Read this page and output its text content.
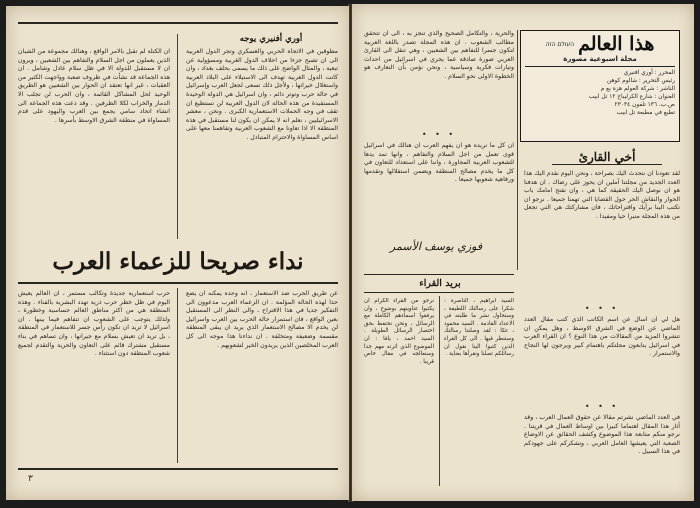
أوري أفنيري يوجه
ان الكتلة لم تقبل بالامر الواقع ، وهنالك مجموعة من الشبان الذين يعملون من اجل السلام والتفاهم بين الشعبين ، ويرون ان لا مستقبل للدولة الا في ظل سلام عادل وشامل . ان هذه الجماعة قد نشأت في ظروف صعبة وواجهت الكثير من العقبات ، غير انها تعتقد ان الحوار بين الشعبين هو الطريق الوحيد لحل المشاكل القائمة ، وان الحرب لن تجلب الا الدمار والخراب لكلا الطرفين . وقد دعت هذه الجماعة الى انشاء اتحاد سامي يجمع بين العرب واليهود على قدم المساواة في منطقة الشرق الاوسط بأسرها .
مطوقين في الاتجاه الحربي والعسكري وتجر الدول العربية الى ان تصبح جزءا من احلاف الدول الغربية ومسؤولية عن تبعية ، والمثال الواضح على ذلك ما يسمى بحلف بغداد ، وان كانت الدول الغربية تهدف الى الاستيلاء على البلاد العربية واستغلال خيراتها ، ولأجل ذلك تسعى لجعل العرب وإسرائيل في حالة حرب وتوتر دائم ، وان اسرائيل هي الدولة الوحيدة المستفيدة من هذه الحالة لان الدول العربية لن تستطيع ان تقف في وجه الحملات الاستعمارية الكبرى . ونحن ، معشر الاسرائيليين ، نعلم انه لا يمكن ان يكون لنا مستقبل في هذه المنطقة الا اذا تعاونا مع الشعوب العربية وتفاهمنا معها على اساس المساواة والاحترام المتبادل .
نداء صريحا للزعماء العرب
حرب استعمارية جديدة وتكالب مستمر ، ان العالم يعيش اليوم في ظل خطر حرب ذرية تهدد البشرية بالفناء . وهذه المنطقة هي من اكثر مناطق العالم حساسية وخطورة ، ولذلك يتوجب على الشعوب ان تتفاهم فيما بينها . ان اسرائيل لا تريد ان تكون رأس جسر للاستعمار في المنطقة ، بل تريد ان تعيش بسلام مع جيرانها ، وان تساهم في بناء مستقبل مشترك قائم على التعاون والحرية والتقدم لجميع شعوب المنطقة دون استثناء .
عن طريق الحرب ضد الاستعمار ، انه وحده يمكنه ان يضع حدا لهذه الحالة المؤلمة . ان الزعماء العرب مدعوون الى التفكير جديا في هذا الاقتراح ، والى النظر الى المستقبل بعين الواقع ، فان استمرار حالة الحرب بين العرب واسرائيل لن يخدم الا مصالح الاستعمار الذي يريد ان يبقى المنطقة مقسمة وضعيفة ومتخلفة . ان نداءنا هذا موجه الى كل العرب المخلصين الذين يريدون الخير لشعوبهم .
٣
העולם הזה هذا العالم
مجلة اسبوعية مصورة
المحرر : أوري افنيري
رئيس التحرير : شالوم كوهن
الناشر : شركة العولم هزه بع م
العنوان : شارع الكرليباخ ١٢ تل ابيب
ص.ب. ١٣٦ تلفون ٢٣٠٣٤
تطبع في مطبعة تل ابيب
والحرية ، والتكامل الصحيح والذي تنجز به ، الى ان تتحقق مطالب الشعوب . ان هذه المجلة تصدر باللغة العربية لتكون جسرا للتفاهم بين الشعبين ، وهي تنقل الى القارئ العربي صورة صادقة عما يجري في اسرائيل من احداث وتيارات فكرية وسياسية ، ونحن نؤمن بأن التعارف هو الخطوة الاولى نحو السلام .
• • •
ان كل ما نريده هو ان يفهم العرب ان هنالك في اسرائيل قوى تعمل من اجل السلام والتفاهم ، وانها تمد يدها للشعوب العربية المجاورة ، واننا على استعداد للتعاون في كل ما يخدم مصالح المنطقة ويضمن استقلالها وتقدمها ورفاهية شعوبها جميعا .
فوزي يوسف الأسمر
أخي القارئ
لقد تعودنا ان نتحدث اليك بصراحة ، ونحن اليوم نقدم اليك هذا العدد الجديد من مجلتنا آملين ان يحوز على رضاك . ان هدفنا هو ان نوصل اليك الحقيقة كما هي ، وان نفتح امامك باب الحوار والنقاش الحر حول القضايا التي تهمنا جميعا . نرجو ان تكتب الينا برأيك واقتراحاتك ، فان مشاركتك هي التي تجعل من هذه المجلة منبرا حيا ومفيدا .
• • •
هل لي ان اسأل عن اسم الكاتب الذي كتب مقال العدد الماضي عن الوضع في الشرق الاوسط ، وهل يمكن ان تنشروا المزيد من المقالات من هذا النوع ؟ ان القراء العرب في اسرائيل يتابعون مجلتكم باهتمام كبير ويرجون لها النجاح والاستمرار .
• • •
في العدد الماضي نشرتم مقالا عن حقوق العمال العرب ، وقد أثار هذا المقال اهتماما كبيرا بين اوساط العمال في قريتنا . نرجو منكم متابعة هذا الموضوع وكشف الحقائق عن الاوضاع الصعبة التي يعيشها العامل العربي ، ونشكركم على جهودكم في هذا السبيل .
بريد القراء
السيد ابراهيم ، الناصرة : شكرا على رسالتك اللطيفة ، وسنحاول نشر ما طلبته في الاعداد القادمة . السيد محمود ، عكا : لقد وصلتنا رسالتك وسننظر فيها . الى كل القراء الذين كتبوا الينا نقول ان رسائلكم تصلنا ونقرأها بعناية .
نرجو من القراء الكرام ان يكتبوا عناوينهم بوضوح ، وان يرفقوا اسماءهم الكاملة مع الرسائل ، ونحن نحتفظ بحق اختصار الرسائل الطويلة . السيد احمد ، يافا : ان الموضوع الذي اثرته مهم جدا وسنعالجه في مقال خاص قريبا .
